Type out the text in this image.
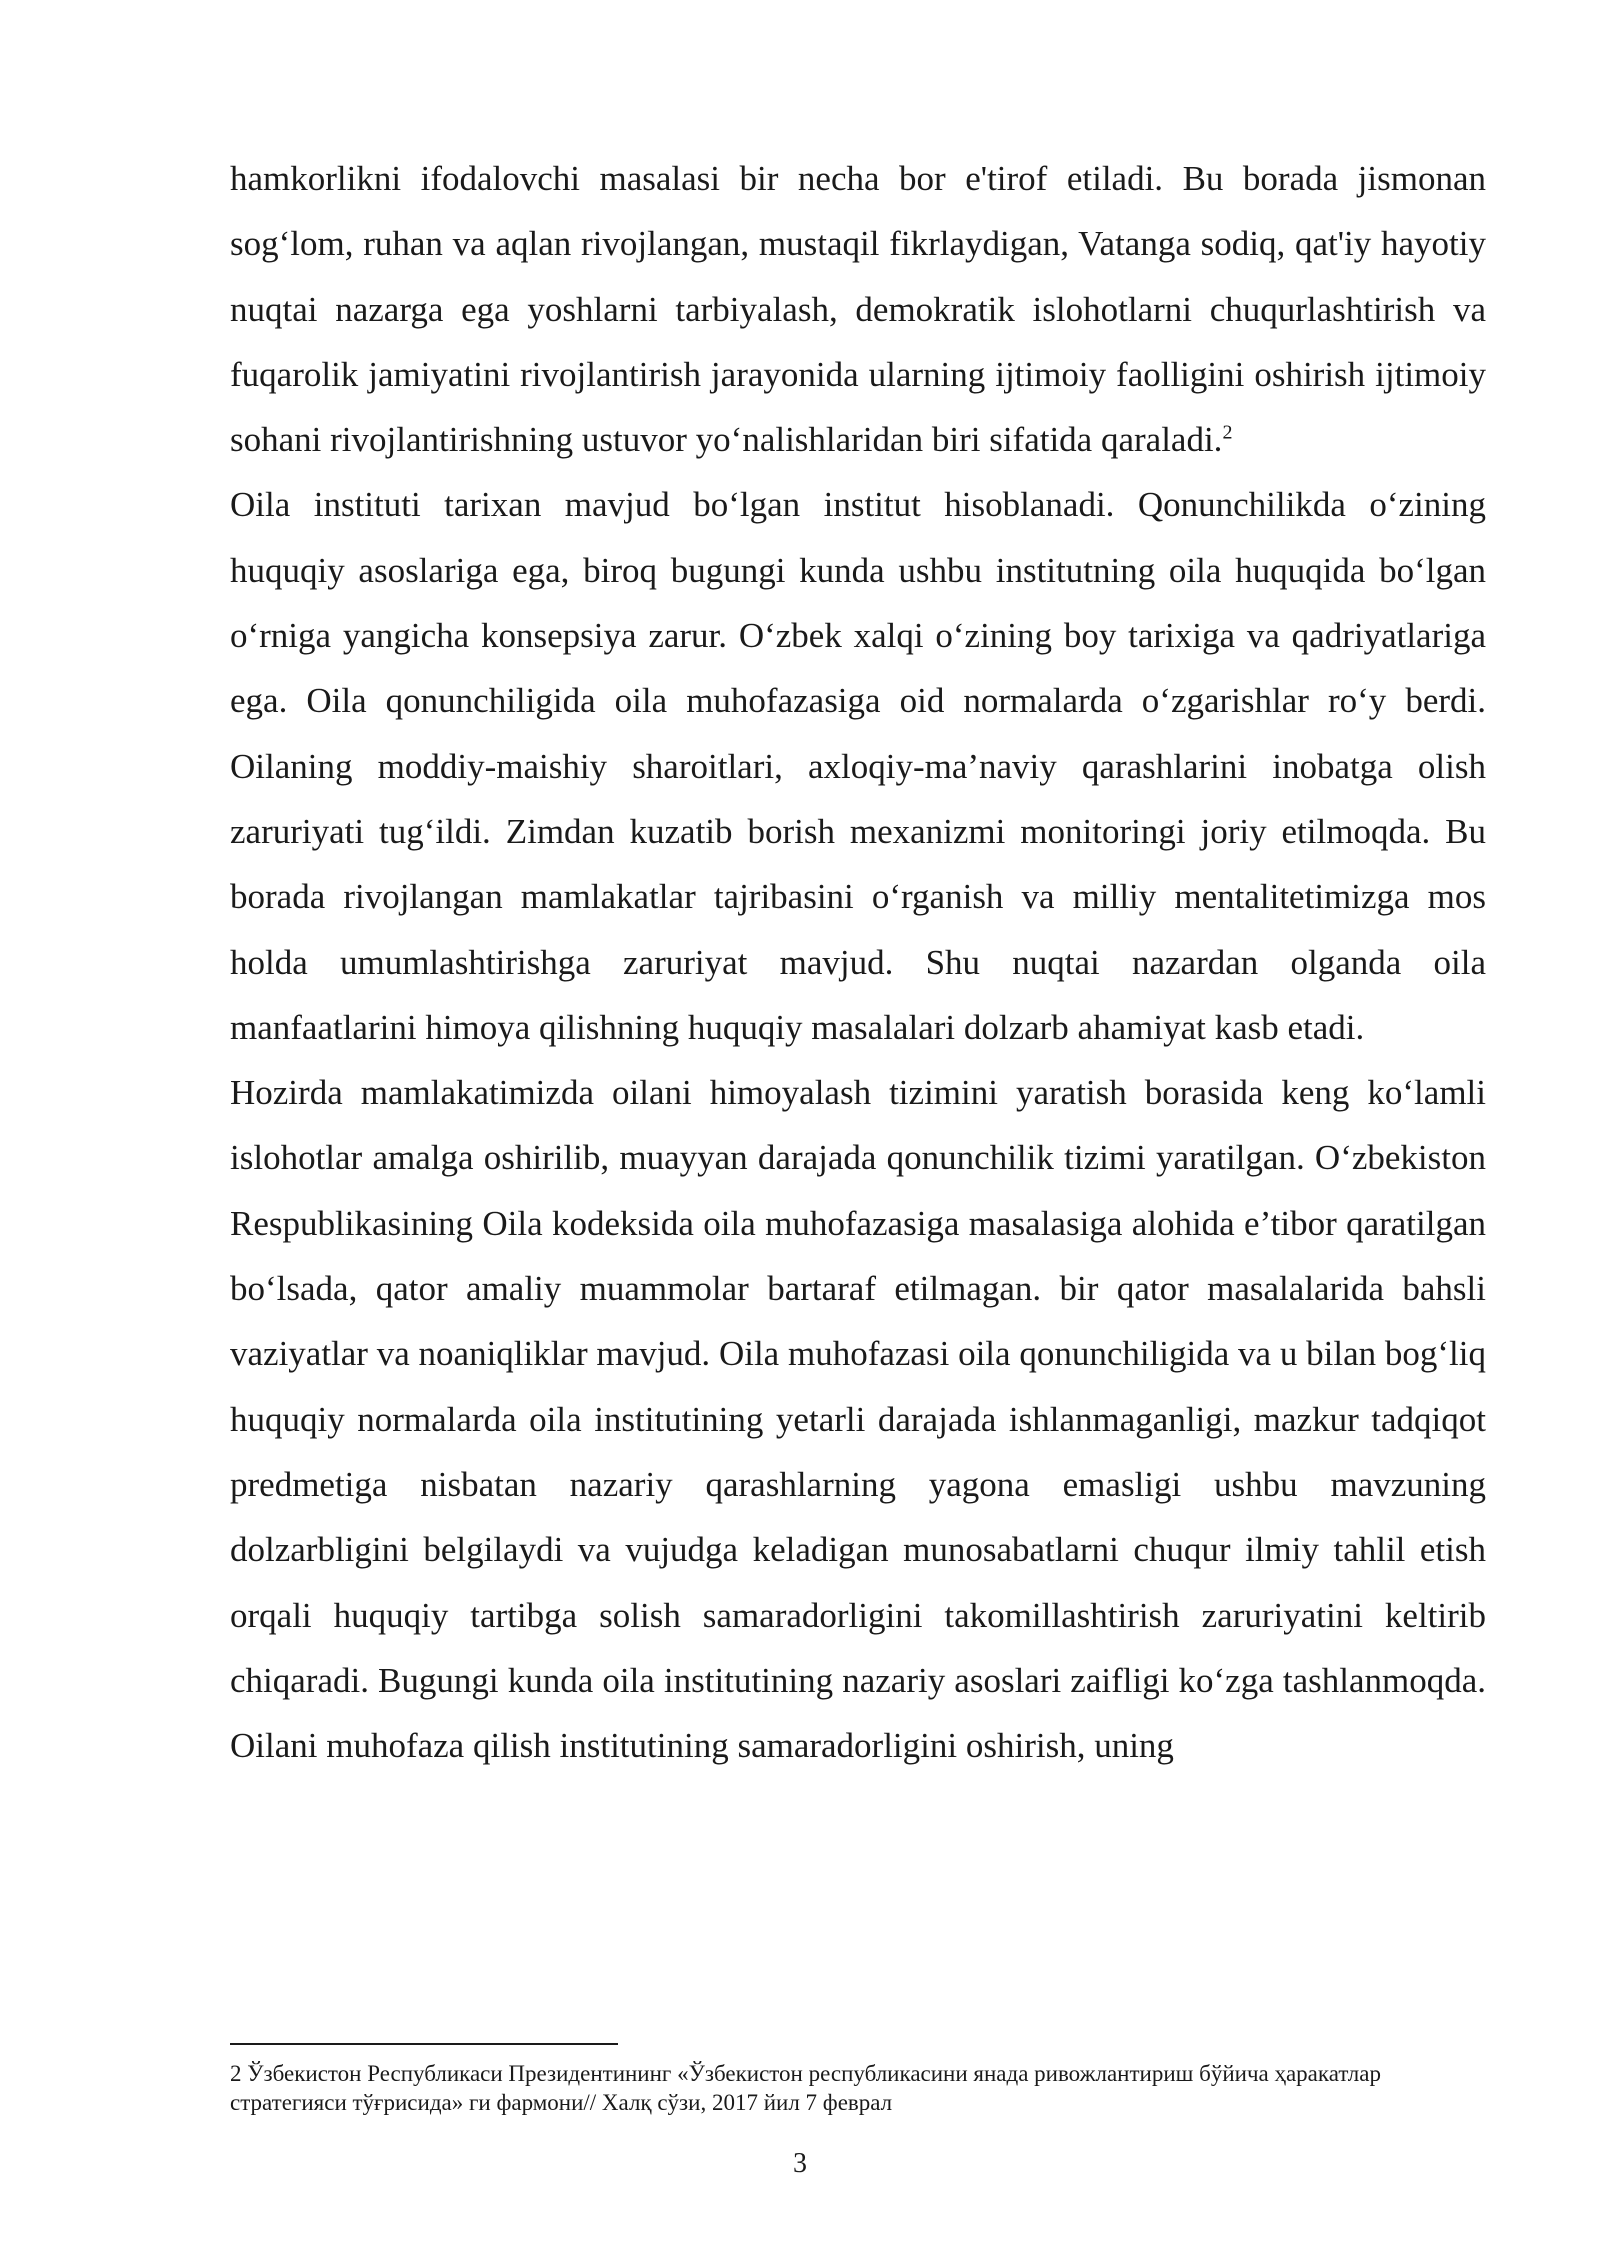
hamkorlikni ifodalovchi masalasi bir necha bor e'tirof etiladi. Bu borada jismonan sog‘lom, ruhan va aqlan rivojlangan, mustaqil fikrlaydigan, Vatanga sodiq, qat'iy hayotiy nuqtai nazarga ega yoshlarni tarbiyalash, demokratik islohotlarni chuqurlashtirish va fuqarolik jamiyatini rivojlantirish jarayonida ularning ijtimoiy faolligini oshirish ijtimoiy sohani rivojlantirishning ustuvor yo‘nalishlaridan biri sifatida qaraladi.$^2$

Oila instituti tarixan mavjud bo‘lgan institut hisoblanadi. Qonunchilikda o‘zining huquqiy asoslariga ega, biroq bugungi kunda ushbu institutning oila huquqida bo‘lgan o‘rniga yangicha konsepsiya zarur. O‘zbek xalqi o‘zining boy tarixiga va qadriyatlariga ega. Oila qonunchiligida oila muhofazasiga oid normalarda o‘zgarishlar ro‘y berdi. Oilaning moddiy-maishiy sharoitlari, axloqiy-ma’naviy qarashlarini inobatga olish zaruriyati tug‘ildi. Zimdan kuzatib borish mexanizmi monitoringi joriy etilmoqda. Bu borada rivojlangan mamlakatlar tajribasini o‘rganish va milliy mentalitetimizga mos holda umumlashtirishga zaruriyat mavjud. Shu nuqtai nazardan olganda oila manfaatlarini himoya qilishning huquqiy masalalari dolzarb ahamiyat kasb etadi.

Hozirda mamlakatimizda oilani himoyalash tizimini yaratish borasida keng ko‘lamli islohotlar amalga oshirilib, muayyan darajada qonunchilik tizimi yaratilgan. O‘zbekiston Respublikasining Oila kodeksida oila muhofazasiga masalasiga alohida e’tibor qaratilgan bo‘lsada, qator amaliy muammolar bartaraf etilmagan. bir qator masalalarida bahsli vaziyatlar va noaniqliklar mavjud. Oila muhofazasi oila qonunchiligida va u bilan bog‘liq huquqiy normalarda oila institutining yetarli darajada ishlanmaganligi, mazkur tadqiqot predmetiga nisbatan nazariy qarashlarning yagona emasligi ushbu mavzuning dolzarbligini belgilaydi va vujudga keladigan munosabatlarni chuqur ilmiy tahlil etish orqali huquqiy tartibga solish samaradorligini takomillashtirish zaruriyatini keltirib chiqaradi. Bugungi kunda oila institutining nazariy asoslari zaifligi ko‘zga tashlanmoqda. Oilani muhofaza qilish institutining samaradorligini oshirish, uning

2 Ўзбекистон Республикаси Президентининг «Ўзбекистон республикасини янада ривожлантириш бўйича ҳаракатлар стратегияси тўғрисида» ги фармони// Халқ сўзи, 2017 йил 7 феврал

3
